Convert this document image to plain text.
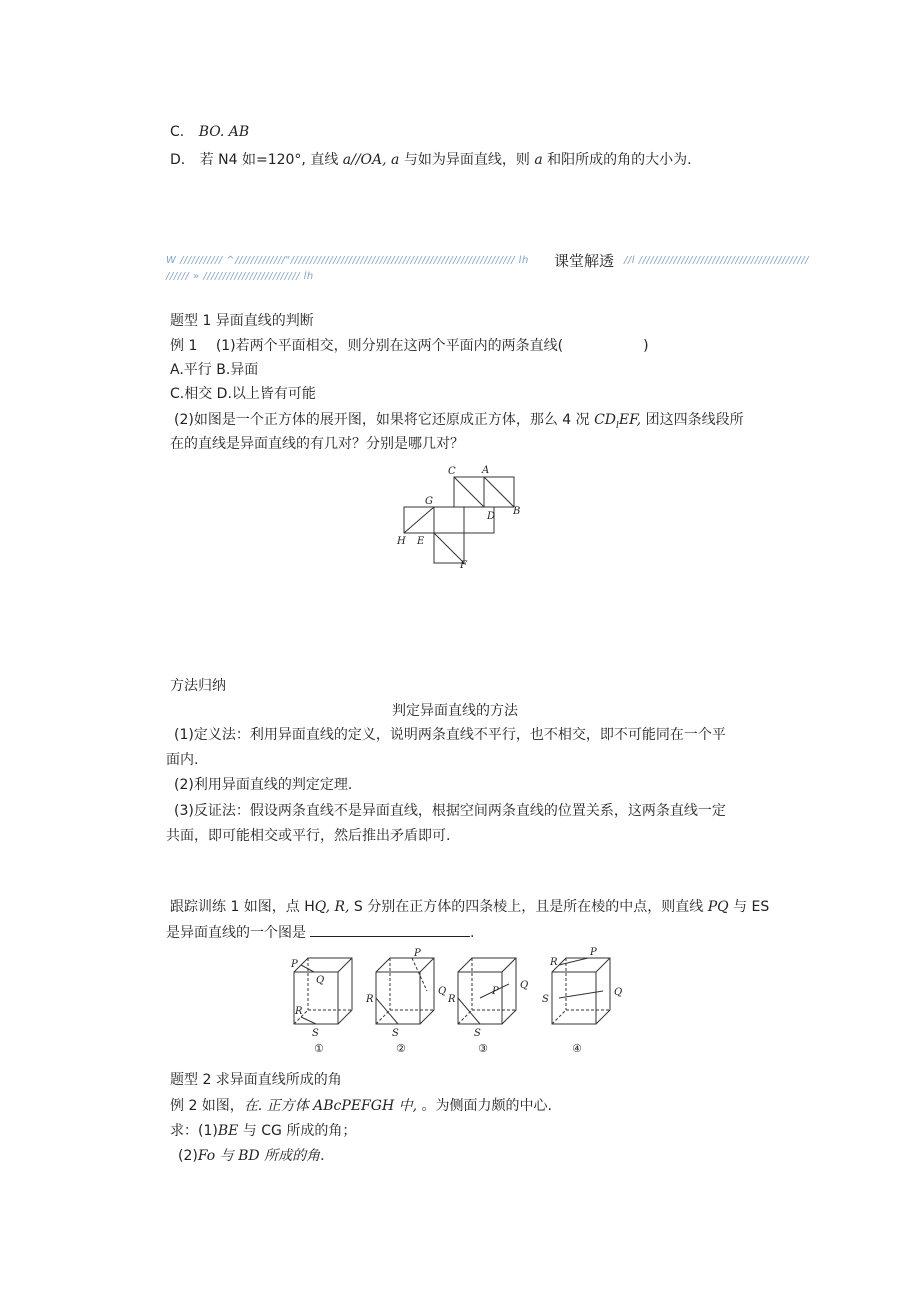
C. BO. AB
D. 若 N4 如=120°, 直线 a//OA, a 与如为异面直线，则 a 和阳所成的角的大小为.
W /////////// ^/////////////"////////////////////////////////////////////////////////// lh 课堂解透 //l ////////////////////////////////////////////
////// » ///////////////////////// lh
题型 1 异面直线的判断
例 1 (1)若两个平面相交，则分别在这两个平面内的两条直线(	)
A.平行 B.异面
C.相交 D.以上皆有可能
(2)如图是一个正方体的展开图，如果将它还原成正方体，那么 4 况 $CD_lEF$, 团这四条线段所
在的直线是异面直线的有几对？分别是哪几对？
C	A
G
D B
H E
F
方法归纳
判定异面直线的方法
(1)定义法：利用异面直线的定义，说明两条直线不平行，也不相交，即不可能同在一个平
面内.
(2)利用异面直线的判定定理.
(3)反证法：假设两条直线不是异面直线，根据空间两条直线的位置关系，这两条直线一定
共面，即可能相交或平行，然后推出矛盾即可.
跟踪训练 1 如图，点 HQ, R, S 分别在正方体的四条棱上，且是所在棱的中点，则直线 PQ 与 ES
是异面直线的一个图是	.
P
Q
R
S
①
P
Q
R
S
②
P
Q
R
S
③
P
Q
R
S
④
题型 2 求异面直线所成的角
例 2 如图，在. 正方体 ABcPEFGH 中, 。为侧面力颇的中心.
求：(1)BE 与 CG 所成的角；
(2)Fo 与 BD 所成的角.
